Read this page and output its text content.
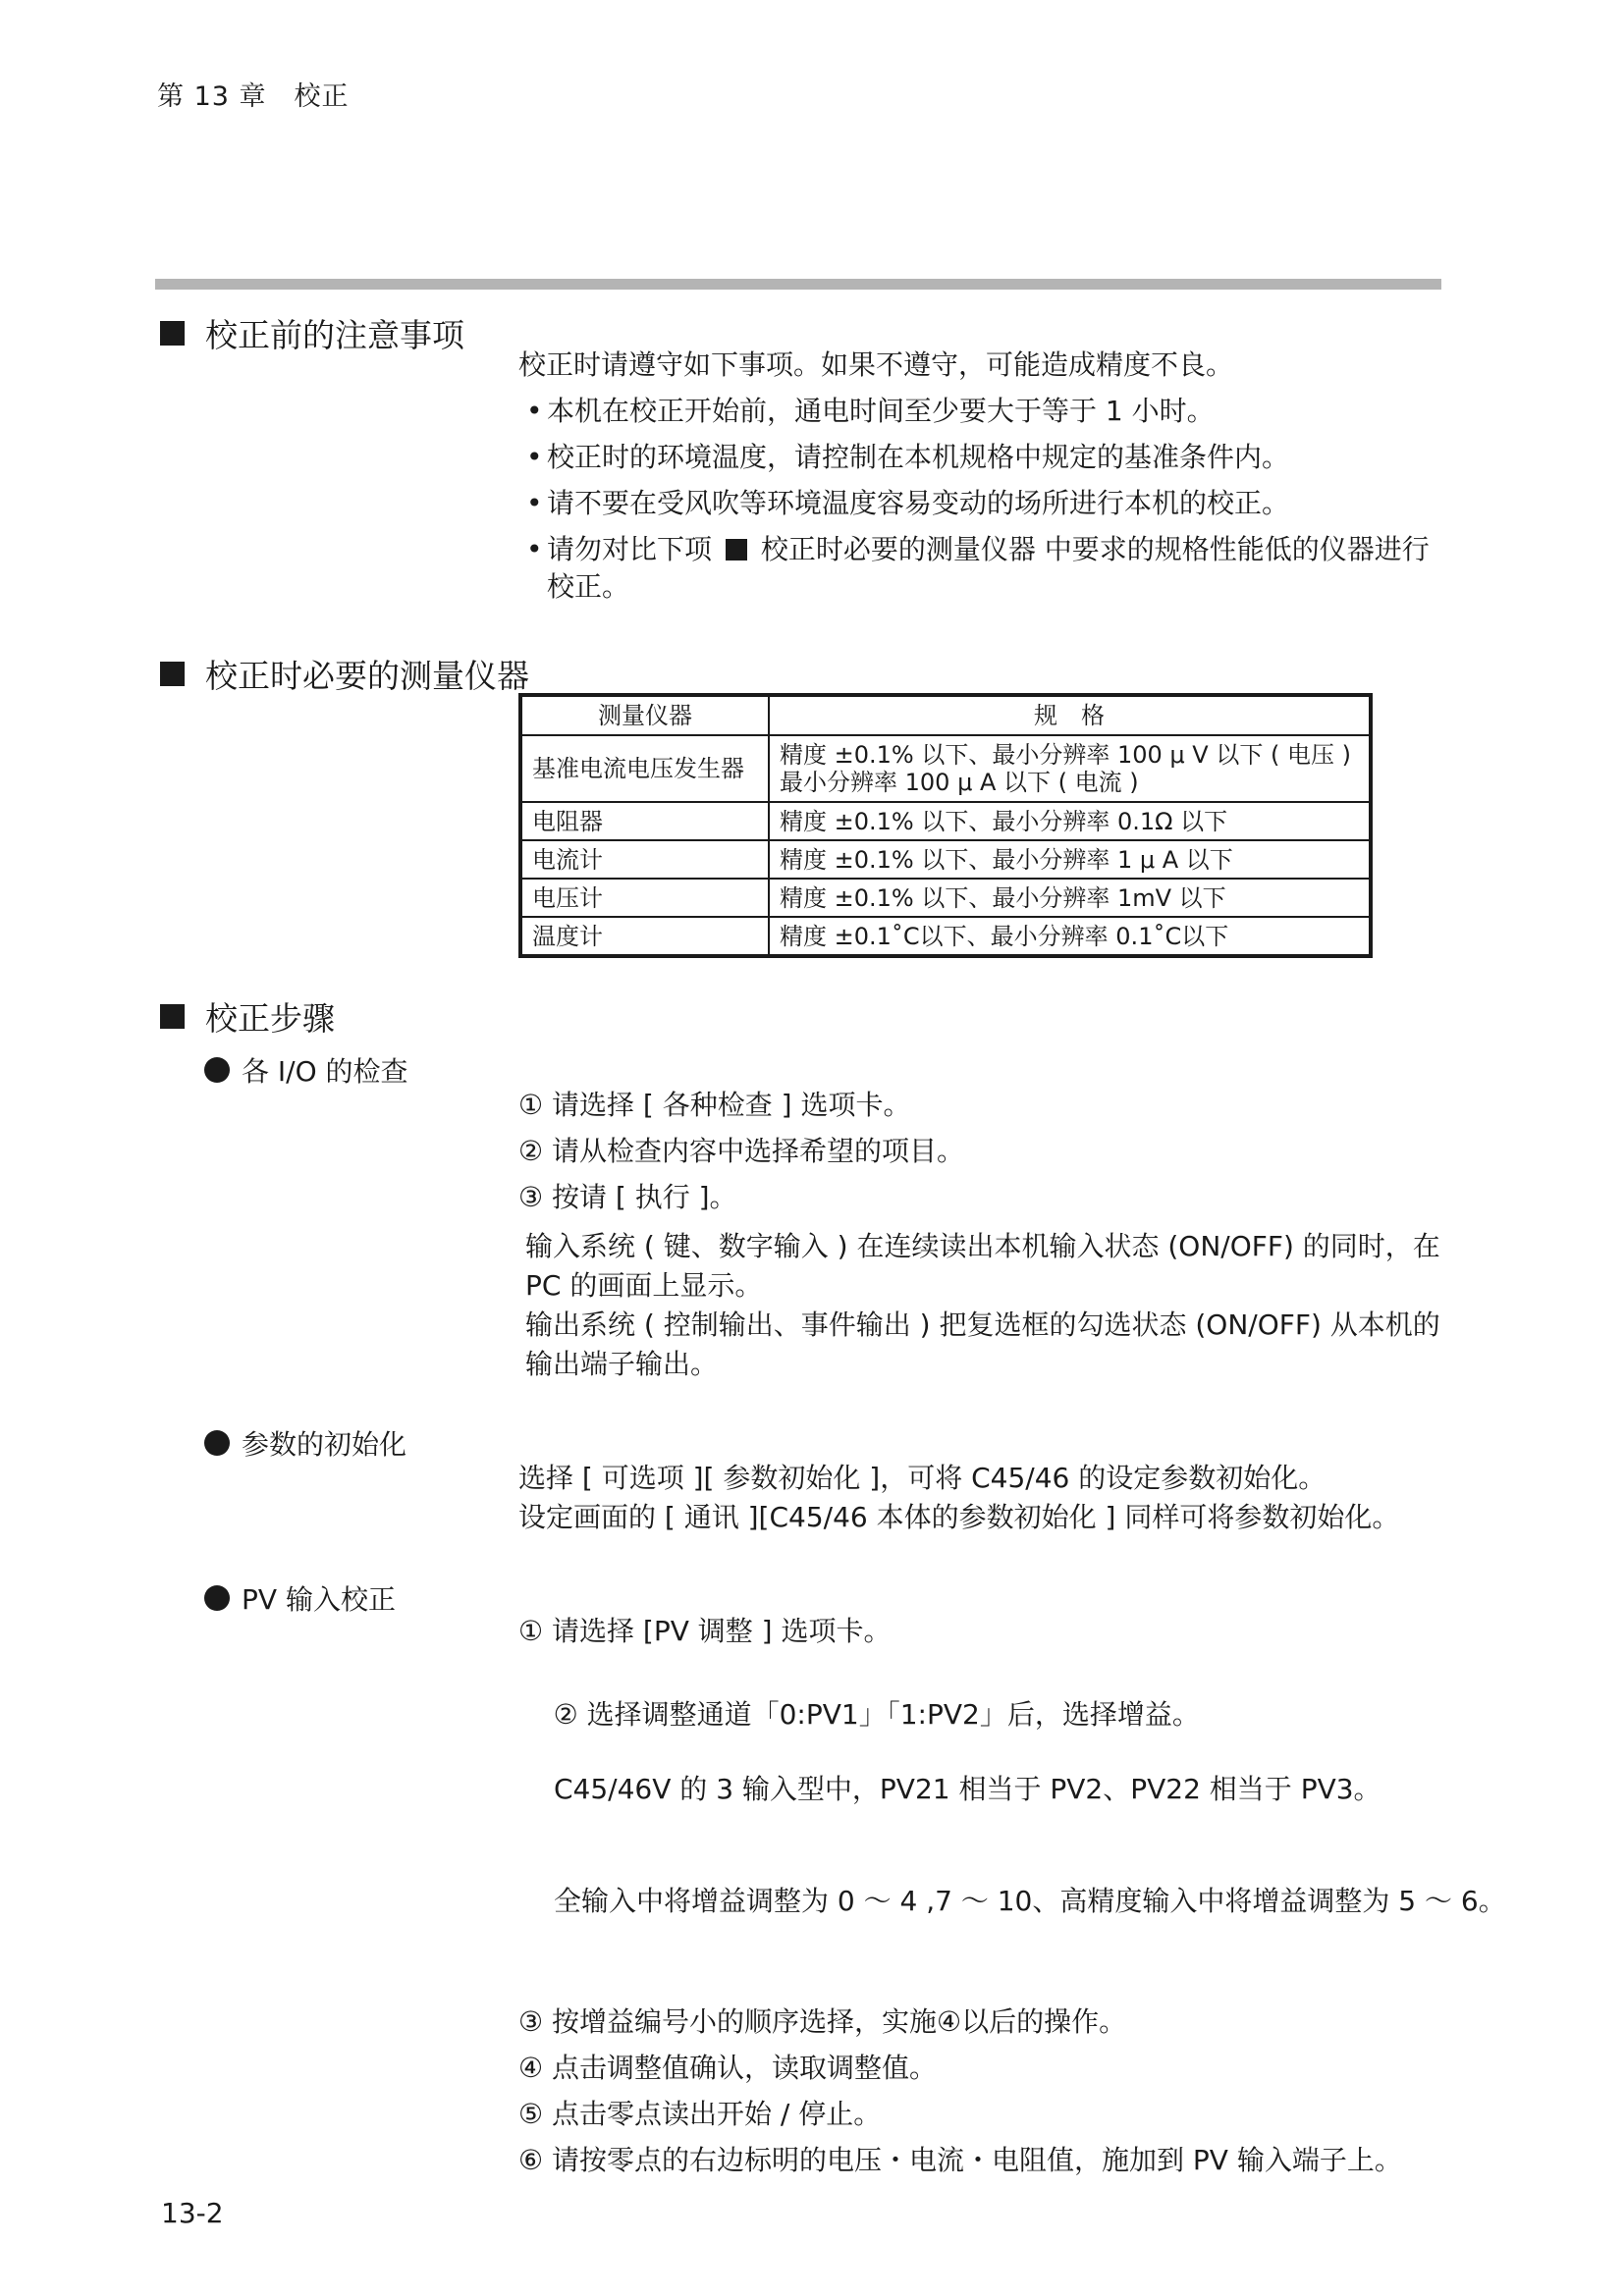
第 13 章　校正
校正前的注意事项
校正时请遵守如下事项。如果不遵守，可能造成精度不良。
• 本机在校正开始前，通电时间至少要大于等于 1 小时。
• 校正时的环境温度，请控制在本机规格中规定的基准条件内。
• 请不要在受风吹等环境温度容易变动的场所进行本机的校正。
• 请勿对比下项 校正时必要的测量仪器 中要求的规格性能低的仪器进行
校正。
校正时必要的测量仪器
测量仪器	规　格
基准电流电压发生器	精度 ±0.1% 以下、最小分辨率 100 μ V 以下 ( 电压 )
最小分辨率 100 μ A 以下 ( 电流 )

电阻器	精度 ±0.1% 以下、最小分辨率 0.1Ω 以下
电流计	精度 ±0.1% 以下、最小分辨率 1 μ A 以下
电压计	精度 ±0.1% 以下、最小分辨率 1mV 以下
温度计	精度 ±0.1˚C以下、最小分辨率 0.1˚C以下
校正步骤
各 I/O 的检查
① 请选择 [ 各种检查 ] 选项卡。
② 请从检查内容中选择希望的项目。
③ 按请 [ 执行 ]。
输入系统 ( 键、数字输入 ) 在连续读出本机输入状态 (ON/OFF) 的同时，在
PC 的画面上显示。
输出系统 ( 控制输出、事件输出 ) 把复选框的勾选状态 (ON/OFF) 从本机的
输出端子输出。
参数的初始化
选择 [ 可选项 ][ 参数初始化 ]，可将 C45/46 的设定参数初始化。
设定画面的 [ 通讯 ][C45/46 本体的参数初始化 ] 同样可将参数初始化。
PV 输入校正
① 请选择 [PV 调整 ] 选项卡。

② 选择调整通道「0:PV1」「1:PV2」后，选择增益。

C45/46V 的 3 输入型中，PV21 相当于 PV2、PV22 相当于 PV3。

全输入中将增益调整为 0 ～ 4 ,7 ～ 10、高精度输入中将增益调整为 5 ～ 6。

③ 按增益编号小的顺序选择，实施④以后的操作。
④ 点击调整值确认，读取调整值。
⑤ 点击零点读出开始 / 停止。
⑥ 请按零点的右边标明的电压・电流・电阻值，施加到 PV 输入端子上。
13-2
